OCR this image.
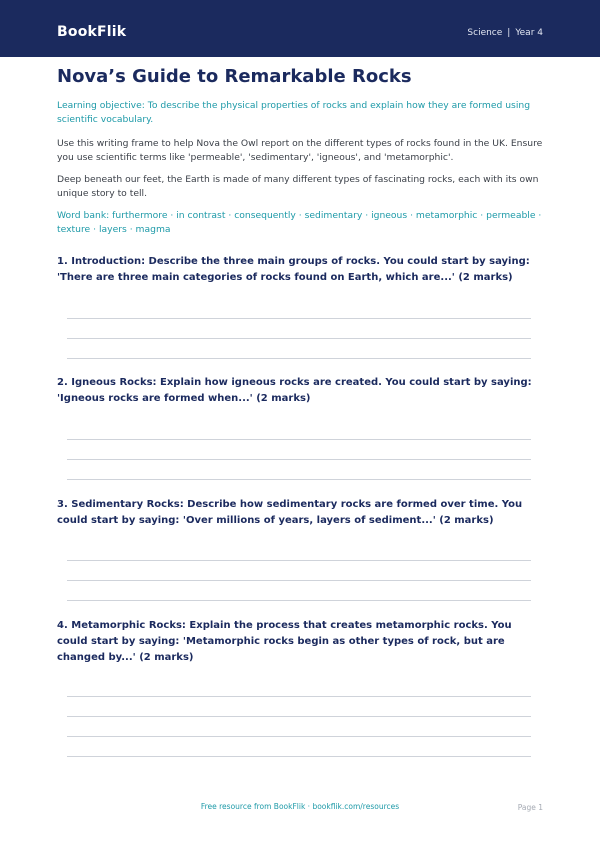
BookFlik	Science | Year 4
Nova’s Guide to Remarkable Rocks

Learning objective: To describe the physical properties of rocks and explain how they are formed using scientific vocabulary.

Use this writing frame to help Nova the Owl report on the different types of rocks found in the UK. Ensure you use scientific terms like 'permeable', 'sedimentary', 'igneous', and 'metamorphic'.

Deep beneath our feet, the Earth is made of many different types of fascinating rocks, each with its own unique story to tell.

Word bank: furthermore · in contrast · consequently · sedimentary · igneous · metamorphic · permeable · texture · layers · magma

1. Introduction: Describe the three main groups of rocks. You could start by saying: 'There are three main categories of rocks found on Earth, which are...' (2 marks)

2. Igneous Rocks: Explain how igneous rocks are created. You could start by saying: 'Igneous rocks are formed when...' (2 marks)

3. Sedimentary Rocks: Describe how sedimentary rocks are formed over time. You could start by saying: 'Over millions of years, layers of sediment...' (2 marks)

4. Metamorphic Rocks: Explain the process that creates metamorphic rocks. You could start by saying: 'Metamorphic rocks begin as other types of rock, but are changed by...' (2 marks)

Free resource from BookFlik · bookflik.com/resources	Page 1
